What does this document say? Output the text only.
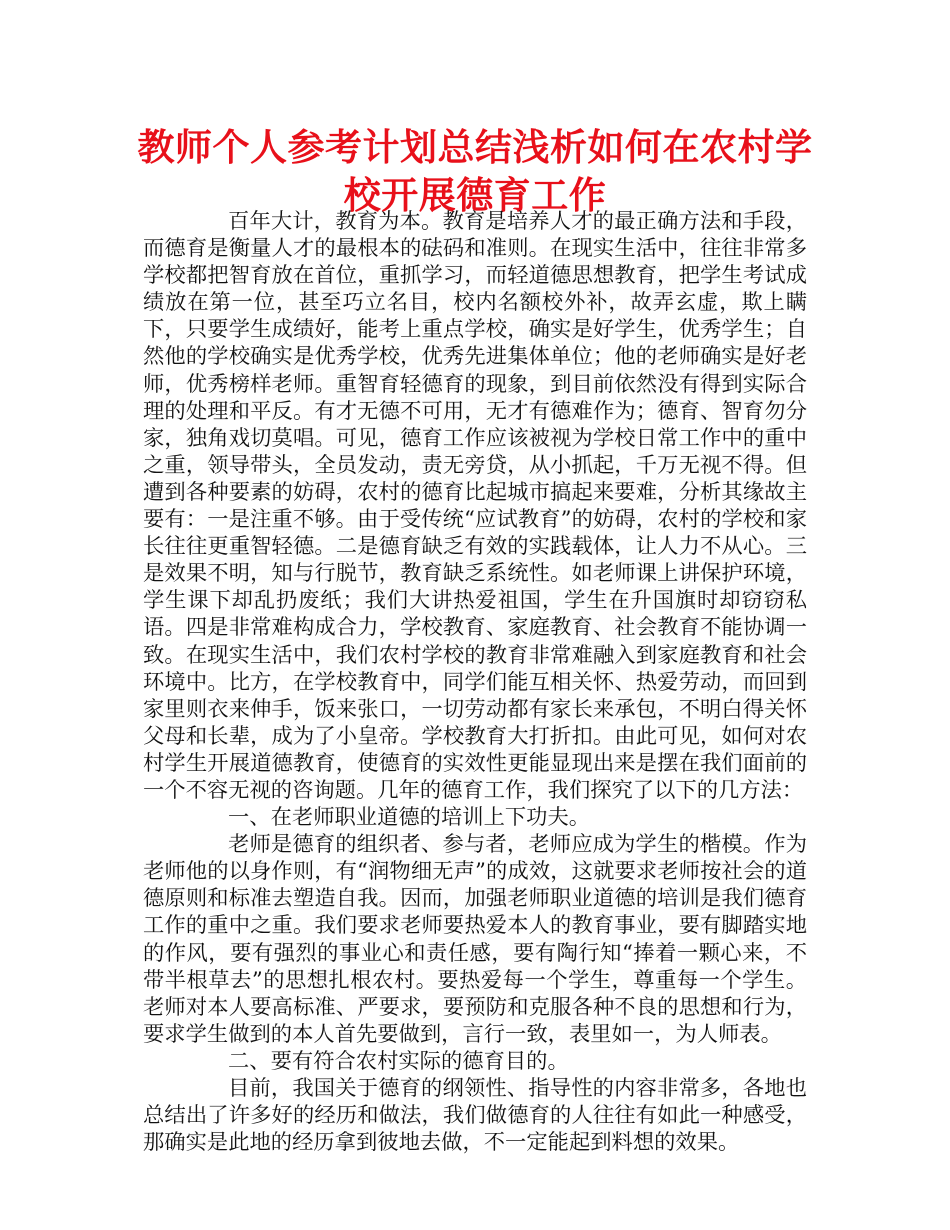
教师个人参考计划总结浅析如何在农村学
校开展德育工作

百年大计，教育为本。教育是培养人才的最正确方法和手段，而德育是衡量人才的最根本的砝码和准则。在现实生活中，往往非常多学校都把智育放在首位，重抓学习，而轻道德思想教育，把学生考试成绩放在第一位，甚至巧立名目，校内名额校外补，故弄玄虚，欺上瞒下，只要学生成绩好，能考上重点学校，确实是好学生，优秀学生；自然他的学校确实是优秀学校，优秀先进集体单位；他的老师确实是好老师，优秀榜样老师。重智育轻德育的现象，到目前依然没有得到实际合理的处理和平反。有才无德不可用，无才有德难作为；德育、智育勿分家，独角戏切莫唱。可见，德育工作应该被视为学校日常工作中的重中之重，领导带头，全员发动，责无旁贷，从小抓起，千万无视不得。但遭到各种要素的妨碍，农村的德育比起城市搞起来要难，分析其缘故主要有：一是注重不够。由于受传统“应试教育”的妨碍，农村的学校和家长往往更重智轻德。二是德育缺乏有效的实践载体，让人力不从心。三是效果不明，知与行脱节，教育缺乏系统性。如老师课上讲保护环境，学生课下却乱扔废纸；我们大讲热爱祖国，学生在升国旗时却窃窃私语。四是非常难构成合力，学校教育、家庭教育、社会教育不能协调一致。在现实生活中，我们农村学校的教育非常难融入到家庭教育和社会环境中。比方，在学校教育中，同学们能互相关怀、热爱劳动，而回到家里则衣来伸手，饭来张口，一切劳动都有家长来承包，不明白得关怀父母和长辈，成为了小皇帝。学校教育大打折扣。由此可见，如何对农村学生开展道德教育，使德育的实效性更能显现出来是摆在我们面前的一个不容无视的咨询题。几年的德育工作，我们探究了以下的几方法：

一、在老师职业道德的培训上下功夫。

老师是德育的组织者、参与者，老师应成为学生的楷模。作为老师他的以身作则，有“润物细无声”的成效，这就要求老师按社会的道德原则和标准去塑造自我。因而，加强老师职业道德的培训是我们德育工作的重中之重。我们要求老师要热爱本人的教育事业，要有脚踏实地的作风，要有强烈的事业心和责任感，要有陶行知“捧着一颗心来，不带半根草去”的思想扎根农村。要热爱每一个学生，尊重每一个学生。老师对本人要高标准、严要求，要预防和克服各种不良的思想和行为，要求学生做到的本人首先要做到，言行一致，表里如一，为人师表。

二、要有符合农村实际的德育目的。

目前，我国关于德育的纲领性、指导性的内容非常多，各地也总结出了许多好的经历和做法，我们做德育的人往往有如此一种感受，那确实是此地的经历拿到彼地去做，不一定能起到料想的效果。
